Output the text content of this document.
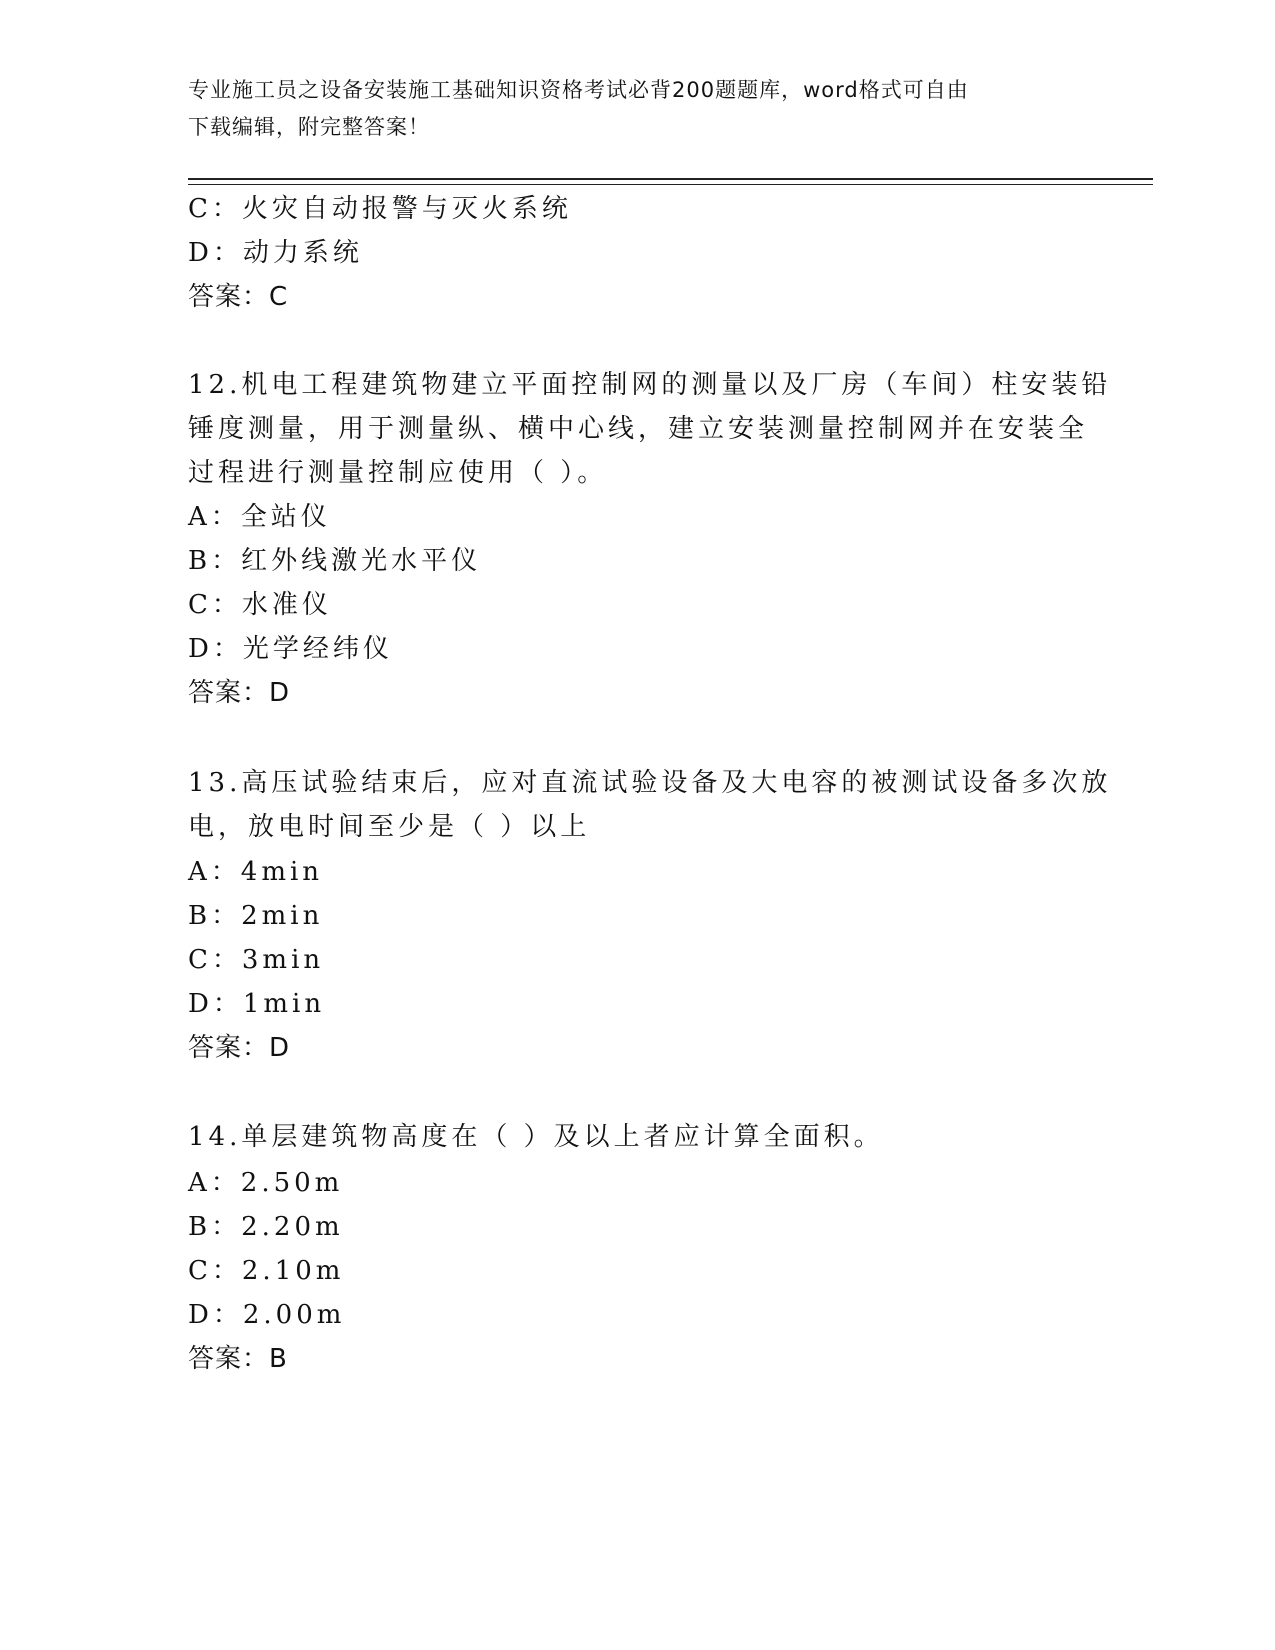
专业施工员之设备安装施工基础知识资格考试必背200题题库，word格式可自由
下载编辑，附完整答案！
C：火灾自动报警与灭火系统
D：动力系统
答案：C
12.机电工程建筑物建立平面控制网的测量以及厂房（车间）柱安装铅
锤度测量，用于测量纵、横中心线，建立安装测量控制网并在安装全
过程进行测量控制应使用（ ）。
A：全站仪
B：红外线激光水平仪
C：水准仪
D：光学经纬仪
答案：D
13.高压试验结束后，应对直流试验设备及大电容的被测试设备多次放
电，放电时间至少是（ ）以上
A：4min
B：2min
C：3min
D：1min
答案：D
14.单层建筑物高度在（ ）及以上者应计算全面积。
A：2.50m
B：2.20m
C：2.10m
D：2.00m
答案：B
